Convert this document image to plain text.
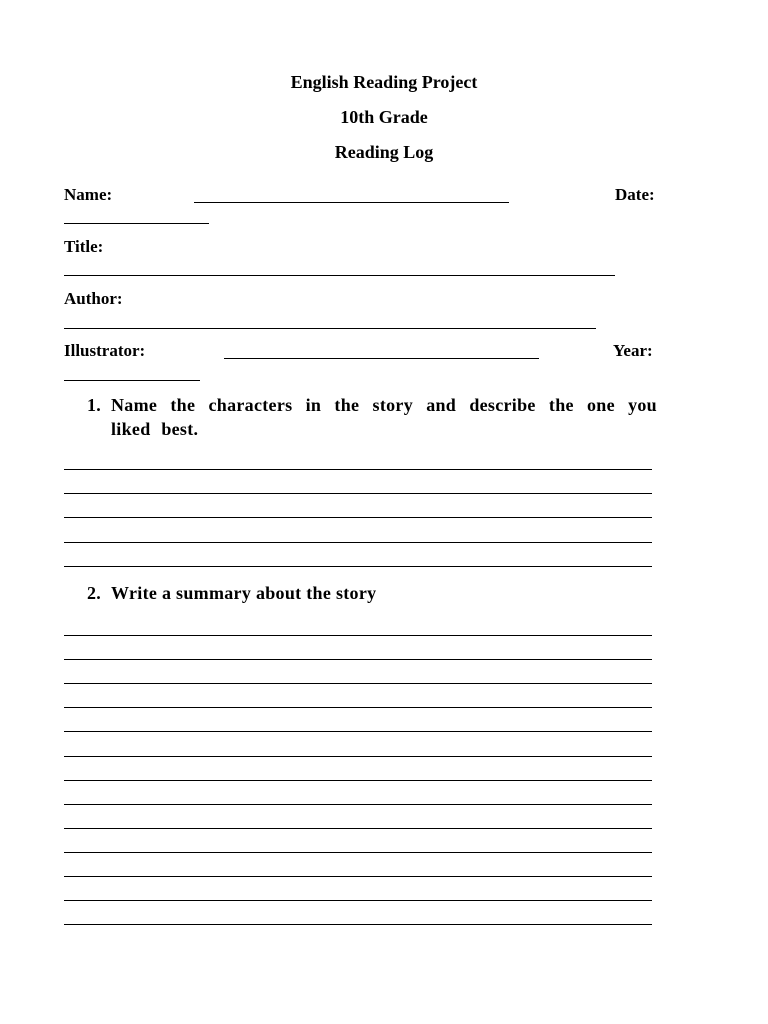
English Reading Project
10th Grade
Reading Log
Name:	Date:
Title:
Author:
Illustrator:	Year:
1. Name the characters in the story and describe the one you liked best.
2. Write a summary about the story
